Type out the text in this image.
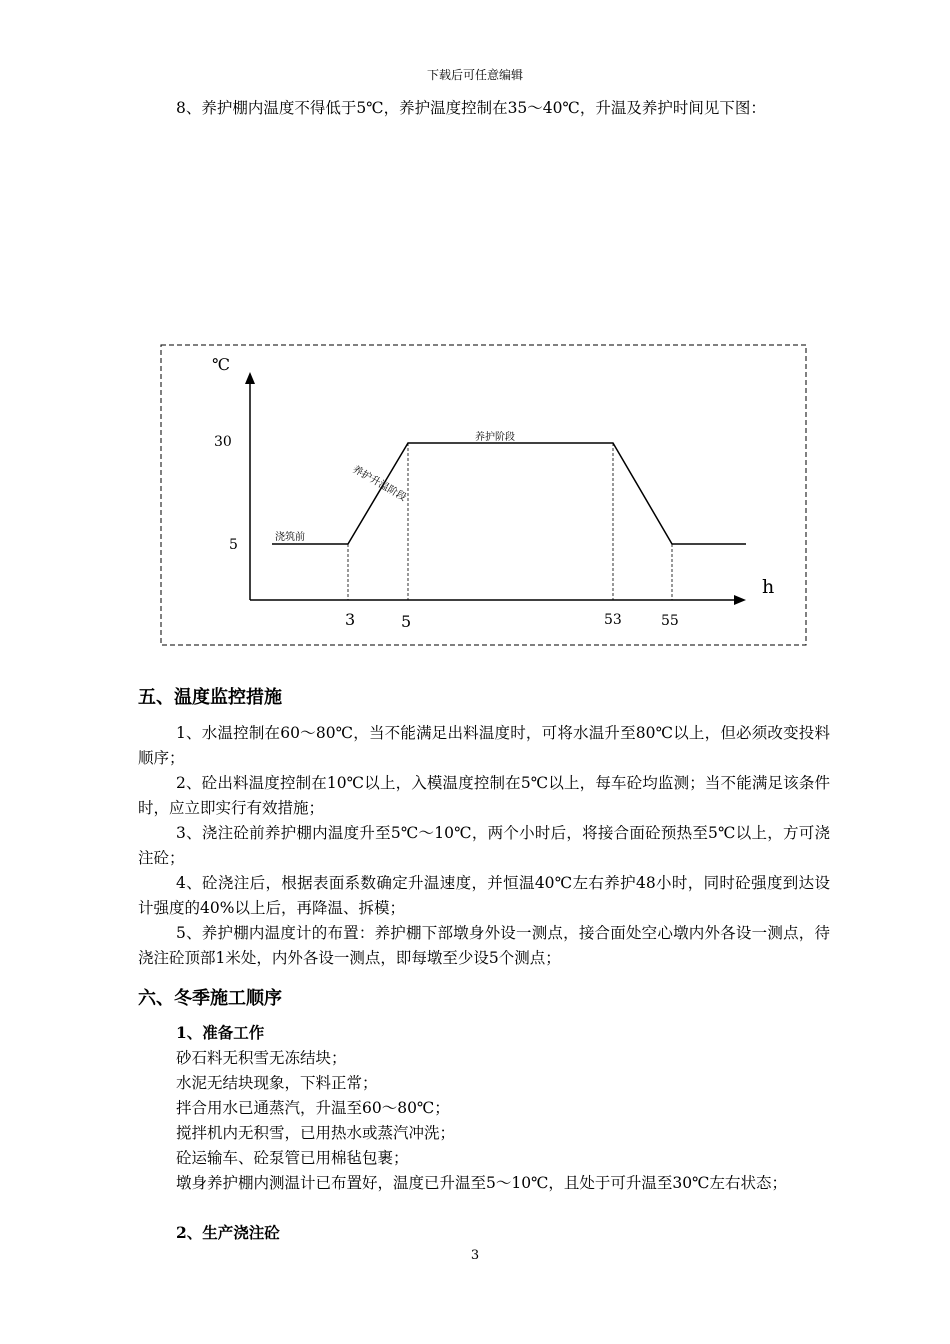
下载后可任意编辑

8、养护棚内温度不得低于5℃，养护温度控制在35～40℃，升温及养护时间见下图：

℃
h
30
5
3	5	53	55
浇筑前
养护升温阶段
养护阶段

五、温度监控措施

1、水温控制在60～80℃，当不能满足出料温度时，可将水温升至80℃以上，但必须改变投料顺序；

2、砼出料温度控制在10℃以上，入模温度控制在5℃以上，每车砼均监测；当不能满足该条件时，应立即实行有效措施；

3、浇注砼前养护棚内温度升至5℃～10℃，两个小时后，将接合面砼预热至5℃以上，方可浇注砼；

4、砼浇注后，根据表面系数确定升温速度，并恒温40℃左右养护48小时，同时砼强度到达设计强度的40%以上后，再降温、拆模；

5、养护棚内温度计的布置：养护棚下部墩身外设一测点，接合面处空心墩内外各设一测点，待浇注砼顶部1米处，内外各设一测点，即每墩至少设5个测点；

六、冬季施工顺序

1、准备工作

砂石料无积雪无冻结块；

水泥无结块现象，下料正常；

拌合用水已通蒸汽，升温至60～80℃；

搅拌机内无积雪，已用热水或蒸汽冲洗；

砼运输车、砼泵管已用棉毡包裹；

墩身养护棚内测温计已布置好，温度已升温至5～10℃，且处于可升温至30℃左右状态；

2、生产浇注砼

3
